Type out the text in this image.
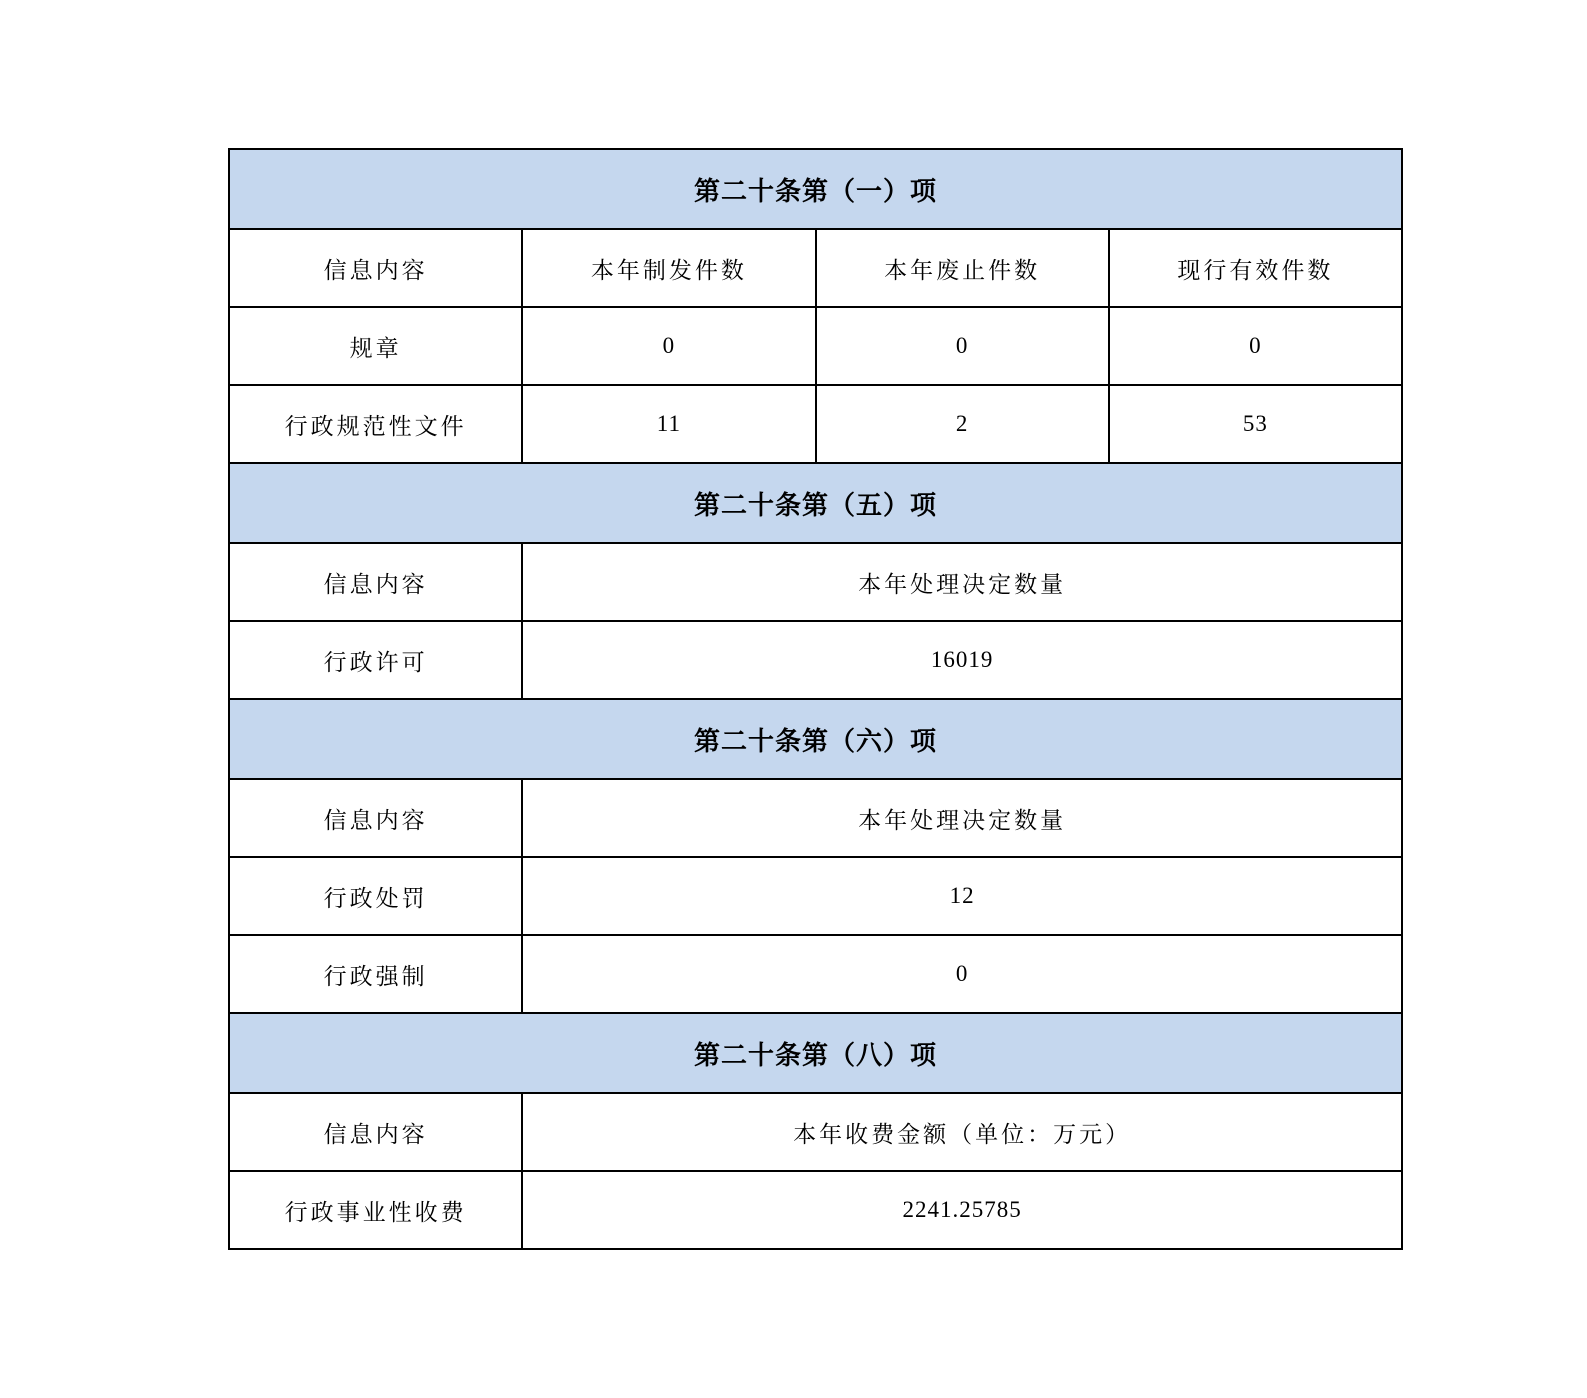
第二十条第（一）项			
信息内容	本年制发件数	本年废止件数	现行有效件数
规章	0	0	0
行政规范性文件	11	2	53
第二十条第（五）项			
信息内容	本年处理决定数量		
行政许可	16019		
第二十条第（六）项			
信息内容	本年处理决定数量		
行政处罚	12		
行政强制	0		
第二十条第（八）项			
信息内容	本年收费金额（单位：万元）		
行政事业性收费	2241.25785		
